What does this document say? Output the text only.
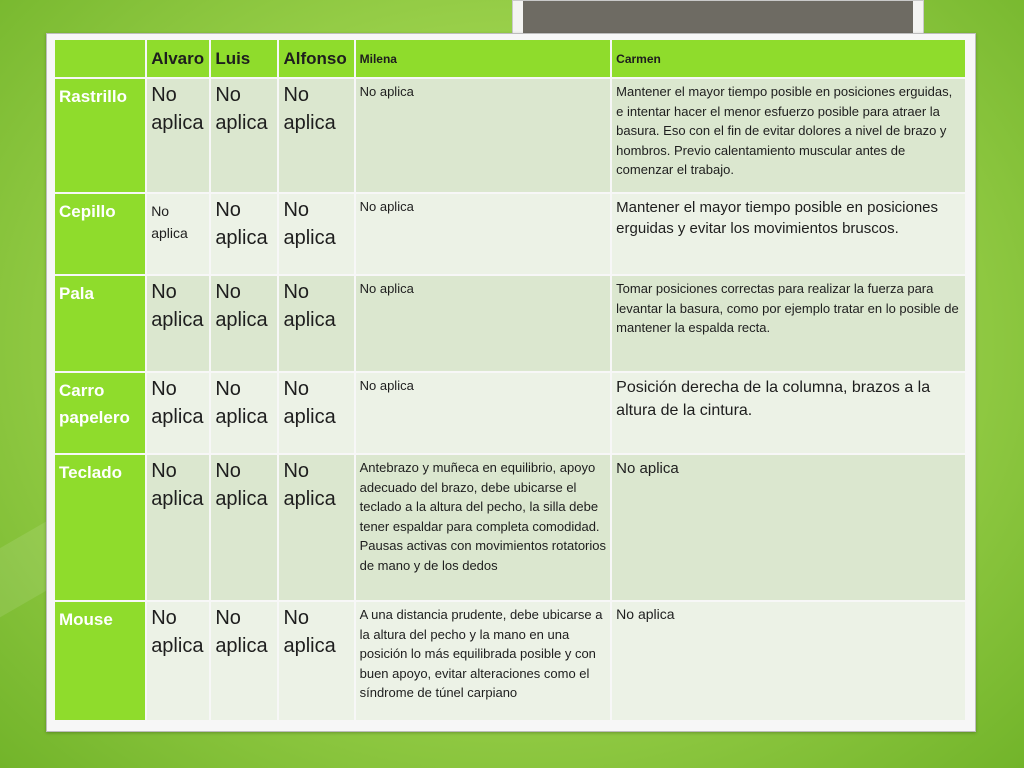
	Alvaro	Luis	Alfonso	Milena	Carmen
Rastrillo	No aplica	No aplica	No aplica	No aplica	Mantener el mayor tiempo posible en posiciones erguidas, e intentar hacer el menor esfuerzo posible para atraer la basura. Eso con el fin de evitar dolores a nivel de brazo y hombros. Previo calentamiento muscular antes de comenzar el trabajo.
Cepillo	No aplica	No aplica	No aplica	No aplica	Mantener el mayor tiempo posible en posiciones erguidas y evitar los movimientos bruscos.
Pala	No aplica	No aplica	No aplica	No aplica	Tomar posiciones correctas para realizar la fuerza para levantar la basura, como por ejemplo tratar en lo posible de mantener la espalda recta.
Carro papelero	No aplica	No aplica	No aplica	No aplica	Posición derecha de la columna, brazos a la altura de la cintura.
Teclado	No aplica	No aplica	No aplica	Antebrazo y muñeca en equilibrio, apoyo adecuado del brazo, debe ubicarse el teclado a la altura del pecho, la silla debe tener espaldar para completa comodidad. Pausas activas con movimientos rotatorios de mano y de los dedos	No aplica
Mouse	No aplica	No aplica	No aplica	A una distancia prudente, debe ubicarse a la altura del pecho y la mano en una posición lo más equilibrada posible y con buen apoyo, evitar alteraciones como el síndrome de túnel carpiano	No aplica
